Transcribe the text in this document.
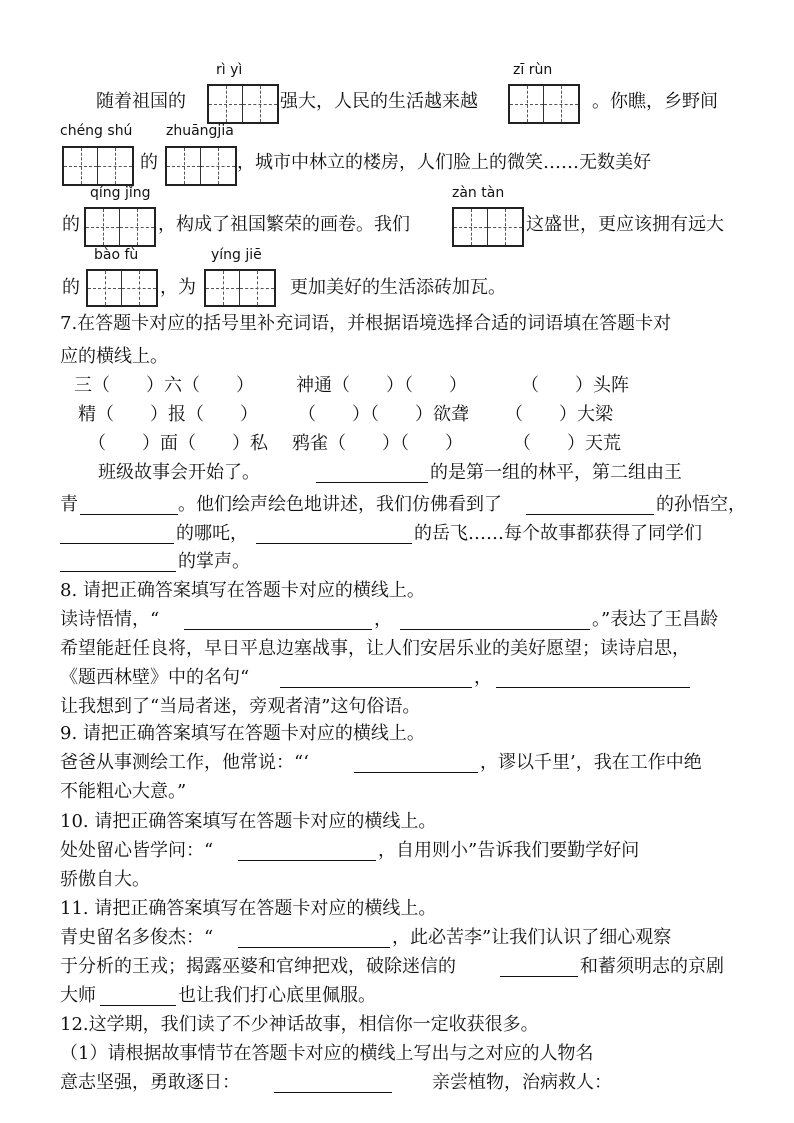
rì yì
随着祖国的	强大，人民的生活越来越
zī rùn
。你瞧，乡野间
chéng shú zhuāngjia
的	，城市中林立的楼房，人们脸上的微笑……无数美好
qíng jǐng	zàn tàn
的	，构成了祖国繁荣的画卷。我们	这盛世，更应该拥有远大
bào fù	yíng jiē
的	，为	更加美好的生活添砖加瓦。
7.在答题卡对应的括号里补充词语，并根据语境选择合适的词语填在答题卡对
应的横线上。
三（ ）六（ ） 神通（ ）（ ）	（ ）头阵
精（ ）报（ ） （ ）（ ）欲聋 （ ）大梁
（ ）面（ ）私 鸦雀（ ）（ ）	（ ）天荒
班级故事会开始了。	的是第一组的林平，第二组由王
青	。他们绘声绘色地讲述，我们仿佛看到了	的孙悟空，
的哪吒，	的岳飞……每个故事都获得了同学们
的掌声。
8. 请把正确答案填写在答题卡对应的横线上。
读诗悟情，“	，	。”表达了王昌龄
希望能赶任良将，早日平息边塞战事，让人们安居乐业的美好愿望；读诗启思，
《题西林壁》中的名句“	，
让我想到了“当局者迷，旁观者清”这句俗语。
9. 请把正确答案填写在答题卡对应的横线上。
爸爸从事测绘工作，他常说：“‘	，谬以千里’，我在工作中绝
不能粗心大意。”
10. 请把正确答案填写在答题卡对应的横线上。
处处留心皆学问：“	，自用则小”告诉我们要勤学好问
骄傲自大。
11. 请把正确答案填写在答题卡对应的横线上。
青史留名多俊杰：“	，此必苦李”让我们认识了细心观察
于分析的王戎；揭露巫婆和官绅把戏，破除迷信的	和蓄须明志的京剧
大师	也让我们打心底里佩服。
12.这学期，我们读了不少神话故事，相信你一定收获很多。
（1）请根据故事情节在答题卡对应的横线上写出与之对应的人物名
意志坚强，勇敢逐日：	亲尝植物，治病救人：
